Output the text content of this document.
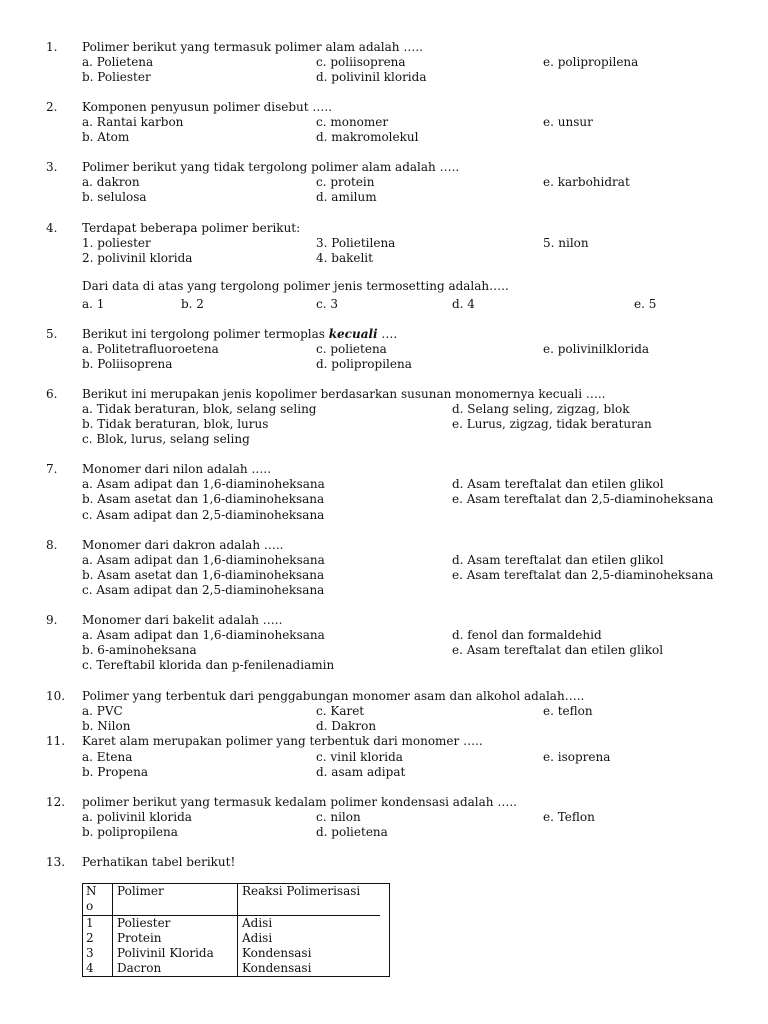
1.	Polimer berikut yang termasuk polimer alam adalah …..
a. Polietena	c. poliisoprena	e. polipropilena
b. Poliester	d. polivinil klorida
2.	Komponen penyusun polimer disebut …..
a. Rantai karbon	c. monomer	e. unsur
b. Atom	d. makromolekul
3.	Polimer berikut yang tidak tergolong polimer alam adalah …..
a. dakron	c. protein	e. karbohidrat
b. selulosa	d. amilum
4.	Terdapat beberapa polimer berikut:
1. poliester	3. Polietilena	5. nilon
2. polivinil klorida	4. bakelit
Dari data di atas yang tergolong polimer jenis termosetting adalah…..
a. 1	b. 2	c. 3	d. 4	e. 5
5.	Berikut ini tergolong polimer termoplas kecuali ….
a. Politetrafluoroetena	c. polietena	e. polivinilklorida
b. Poliisoprena	d. polipropilena
6.	Berikut ini merupakan jenis kopolimer berdasarkan susunan monomernya kecuali …..
a. Tidak beraturan, blok, selang seling	d. Selang seling, zigzag, blok
b. Tidak beraturan, blok, lurus	e. Lurus, zigzag, tidak beraturan
c. Blok, lurus, selang seling
7.	Monomer dari nilon adalah …..
a. Asam adipat dan 1,6-diaminoheksana	d. Asam tereftalat dan etilen glikol
b. Asam asetat dan 1,6-diaminoheksana	e. Asam tereftalat dan 2,5-diaminoheksana
c. Asam adipat dan 2,5-diaminoheksana
8.	Monomer dari dakron adalah …..
a. Asam adipat dan 1,6-diaminoheksana	d. Asam tereftalat dan etilen glikol
b. Asam asetat dan 1,6-diaminoheksana	e. Asam tereftalat dan 2,5-diaminoheksana
c. Asam adipat dan 2,5-diaminoheksana
9.	Monomer dari bakelit adalah …..
a. Asam adipat dan 1,6-diaminoheksana	d. fenol dan formaldehid
b. 6-aminoheksana	e. Asam tereftalat dan etilen glikol
c. Tereftabil klorida dan p-fenilenadiamin
10.	Polimer yang terbentuk dari penggabungan monomer asam dan alkohol adalah…..
a. PVC	c. Karet	e. teflon
b. Nilon	d. Dakron
11.	Karet alam merupakan polimer yang terbentuk dari monomer …..
a. Etena	c. vinil klorida	e. isoprena
b. Propena	d. asam adipat
12.	polimer berikut yang termasuk kedalam polimer kondensasi adalah …..
a. polivinil klorida	c. nilon	e. Teflon
b. polipropilena	d. polietena
13.	Perhatikan tabel berikut!
N
o	Polimer	Reaksi Polimerisasi
1	Poliester	Adisi
2	Protein	Adisi
3	Polivinil Klorida	Kondensasi
4	Dacron	Kondensasi
